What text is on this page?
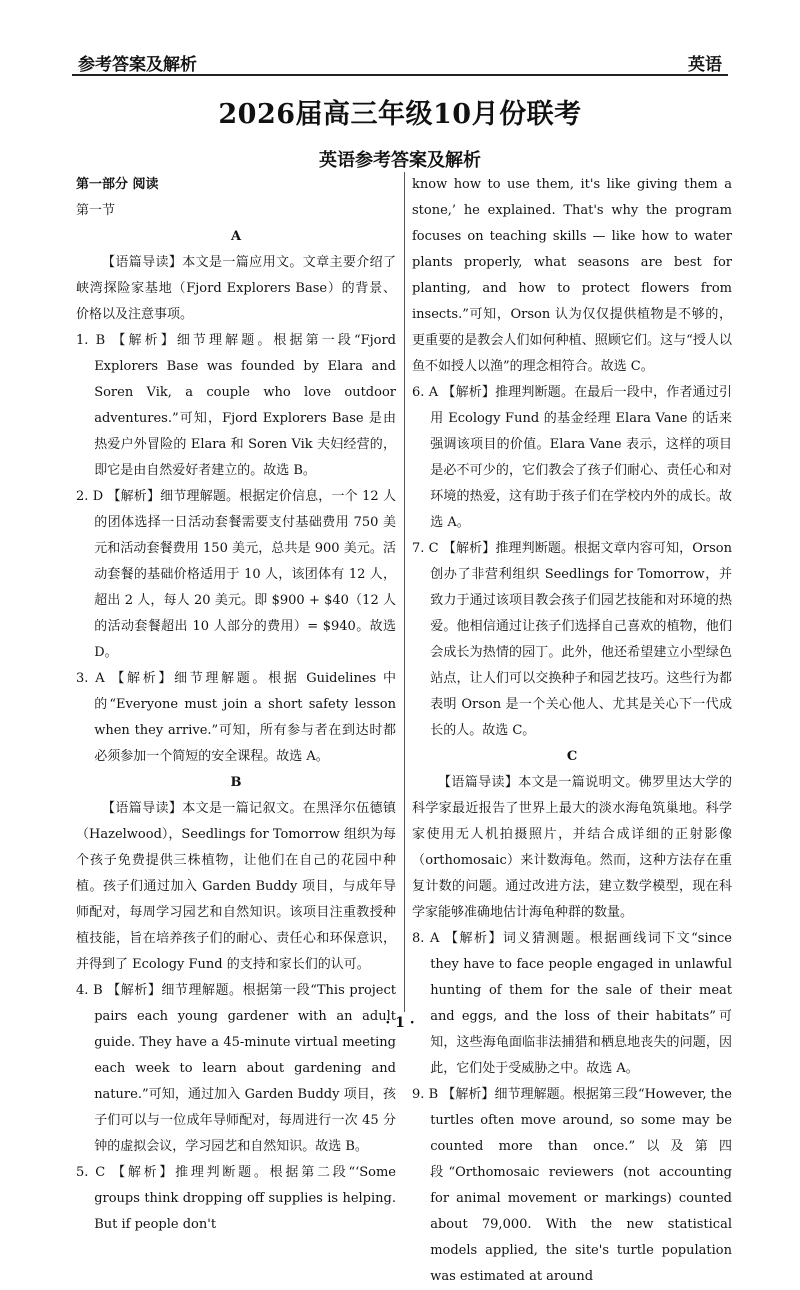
参考答案及解析	英语
2026届高三年级10月份联考
英语参考答案及解析

第一部分 阅读

第一节

A

【语篇导读】本文是一篇应用文。文章主要介绍了峡湾探险家基地（Fjord Explorers Base）的背景、价格以及注意事项。

1. B 【解析】细节理解题。根据第一段“Fjord Explorers Base was founded by Elara and Soren Vik, a couple who love outdoor adventures.”可知，Fjord Explorers Base 是由热爱户外冒险的 Elara 和 Soren Vik 夫妇经营的，即它是由自然爱好者建立的。故选 B。

2. D 【解析】细节理解题。根据定价信息，一个 12 人的团体选择一日活动套餐需要支付基础费用 750 美元和活动套餐费用 150 美元，总共是 900 美元。活动套餐的基础价格适用于 10 人，该团体有 12 人，超出 2 人，每人 20 美元。即 $900 + $40（12 人的活动套餐超出 10 人部分的费用）= $940。故选 D。

3. A 【解析】细节理解题。根据 Guidelines 中的“Everyone must join a short safety lesson when they arrive.”可知，所有参与者在到达时都必须参加一个简短的安全课程。故选 A。

B

【语篇导读】本文是一篇记叙文。在黑泽尔伍德镇（Hazelwood），Seedlings for Tomorrow 组织为每个孩子免费提供三株植物，让他们在自己的花园中种植。孩子们通过加入 Garden Buddy 项目，与成年导师配对，每周学习园艺和自然知识。该项目注重教授种植技能，旨在培养孩子们的耐心、责任心和环保意识，并得到了 Ecology Fund 的支持和家长们的认可。

4. B 【解析】细节理解题。根据第一段“This project pairs each young gardener with an adult guide. They have a 45-minute virtual meeting each week to learn about gardening and nature.”可知，通过加入 Garden Buddy 项目，孩子们可以与一位成年导师配对，每周进行一次 45 分钟的虚拟会议，学习园艺和自然知识。故选 B。

5. C 【解析】推理判断题。根据第二段“‘Some groups think dropping off supplies is helping. But if people don't

know how to use them, it's like giving them a stone,’ he explained. That's why the program focuses on teaching skills — like how to water plants properly, what seasons are best for planting, and how to protect flowers from insects.”可知，Orson 认为仅仅提供植物是不够的，更重要的是教会人们如何种植、照顾它们。这与“授人以鱼不如授人以渔”的理念相符合。故选 C。

6. A 【解析】推理判断题。在最后一段中，作者通过引用 Ecology Fund 的基金经理 Elara Vane 的话来强调该项目的价值。Elara Vane 表示，这样的项目是必不可少的，它们教会了孩子们耐心、责任心和对环境的热爱，这有助于孩子们在学校内外的成长。故选 A。

7. C 【解析】推理判断题。根据文章内容可知，Orson 创办了非营利组织 Seedlings for Tomorrow，并致力于通过该项目教会孩子们园艺技能和对环境的热爱。他相信通过让孩子们选择自己喜欢的植物，他们会成长为热情的园丁。此外，他还希望建立小型绿色站点，让人们可以交换种子和园艺技巧。这些行为都表明 Orson 是一个关心他人、尤其是关心下一代成长的人。故选 C。

C

【语篇导读】本文是一篇说明文。佛罗里达大学的科学家最近报告了世界上最大的淡水海龟筑巢地。科学家使用无人机拍摄照片，并结合成详细的正射影像（orthomosaic）来计数海龟。然而，这种方法存在重复计数的问题。通过改进方法，建立数学模型，现在科学家能够准确地估计海龟种群的数量。

8. A 【解析】词义猜测题。根据画线词下文“since they have to face people engaged in unlawful hunting of them for the sale of their meat and eggs, and the loss of their habitats”可知，这些海龟面临非法捕猎和栖息地丧失的问题，因此，它们处于受威胁之中。故选 A。

9. B 【解析】细节理解题。根据第三段“However, the turtles often move around, so some may be counted more than once.”以及第四段“Orthomosaic reviewers (not accounting for animal movement or markings) counted about 79,000. With the new statistical models applied, the site's turtle population was estimated at around

· 1 ·
